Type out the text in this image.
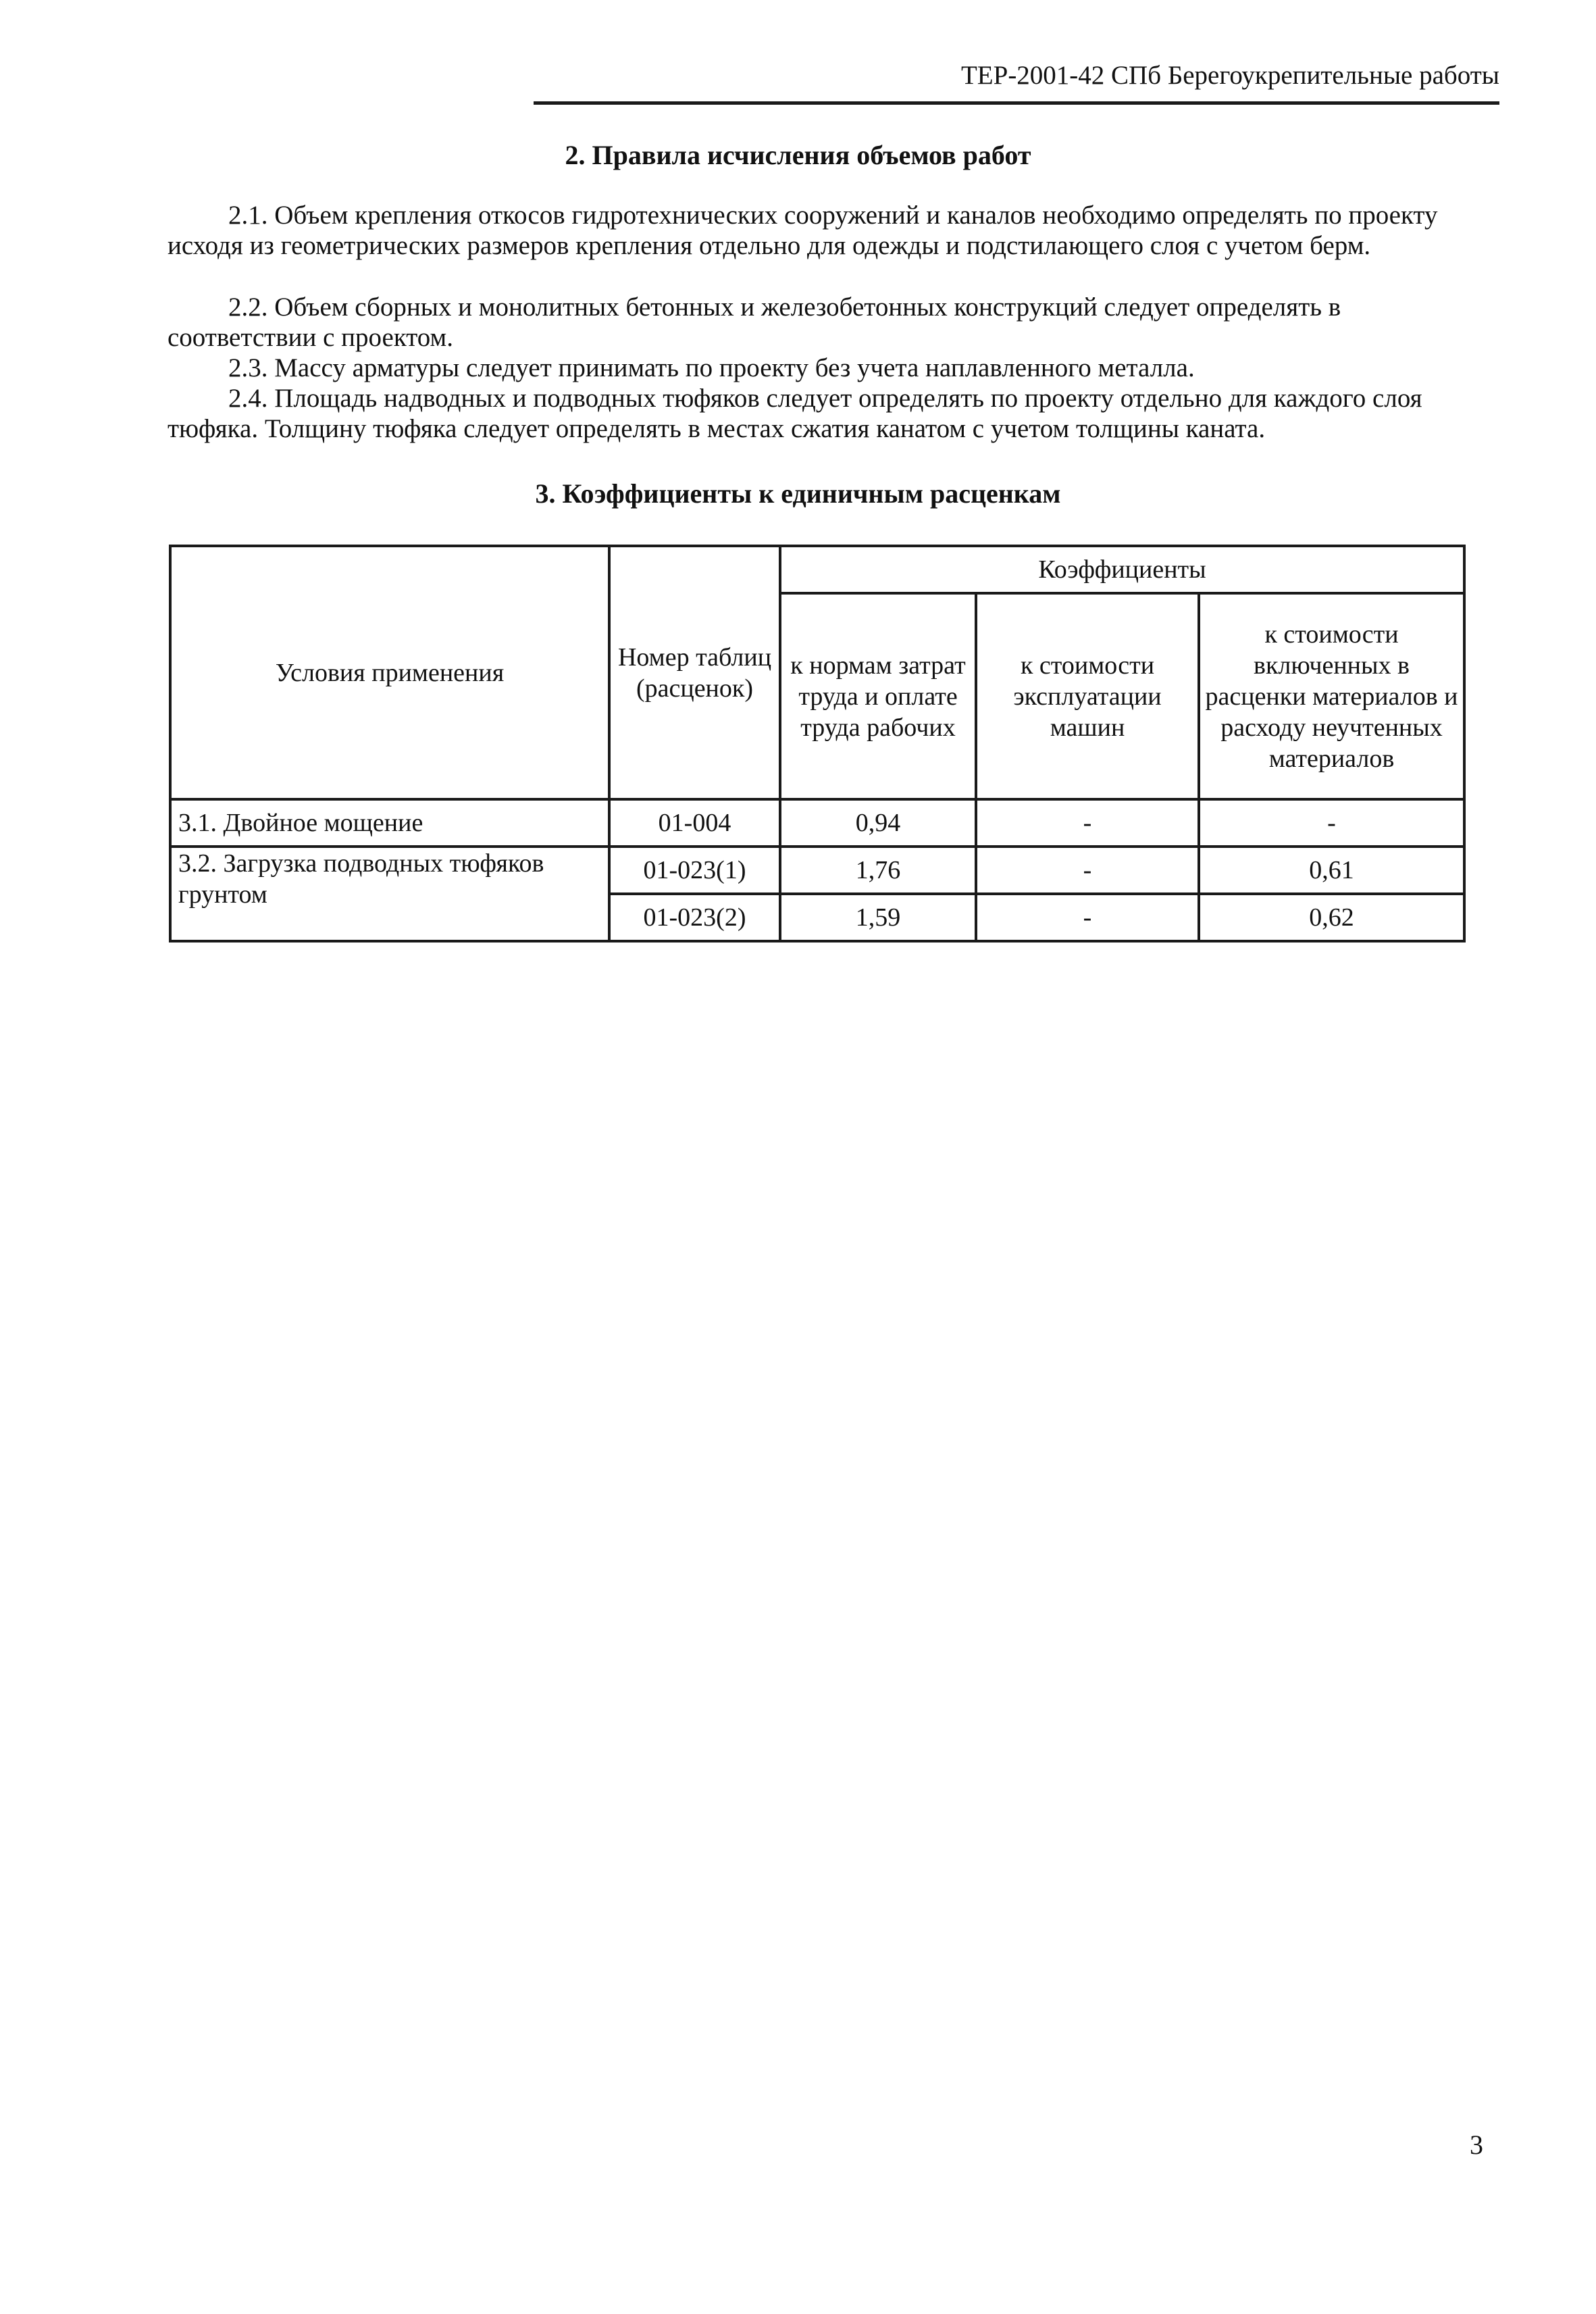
ТЕР-2001-42 СПб Берегоукрепительные работы
2. Правила исчисления объемов работ
2.1. Объем крепления откосов гидротехнических сооружений и каналов необходимо определять по проекту исходя из геометрических размеров крепления отдельно для одежды и подстилающего слоя с учетом берм.
2.2. Объем сборных и монолитных бетонных и железобетонных конструкций следует определять в соответствии с проектом.
2.3. Массу арматуры следует принимать по проекту без учета наплавленного металла.
2.4. Площадь надводных и подводных тюфяков следует определять по проекту отдельно для каждого слоя тюфяка. Толщину тюфяка следует определять в местах сжатия канатом с учетом толщины каната.
3. Коэффициенты к единичным расценкам
Условия применения	Номер таблиц (расценок)	Коэффициенты		
		к нормам затрат труда и оплате труда рабочих	к стоимости эксплуатации машин	к стоимости включенных в расценки материалов и расходу неучтенных материалов
3.1. Двойное мощение	01-004	0,94	-	-
3.2. Загрузка подводных тюфяков грунтом	01-023(1)	1,76	-	0,61
	01-023(2)	1,59	-	0,62
3
